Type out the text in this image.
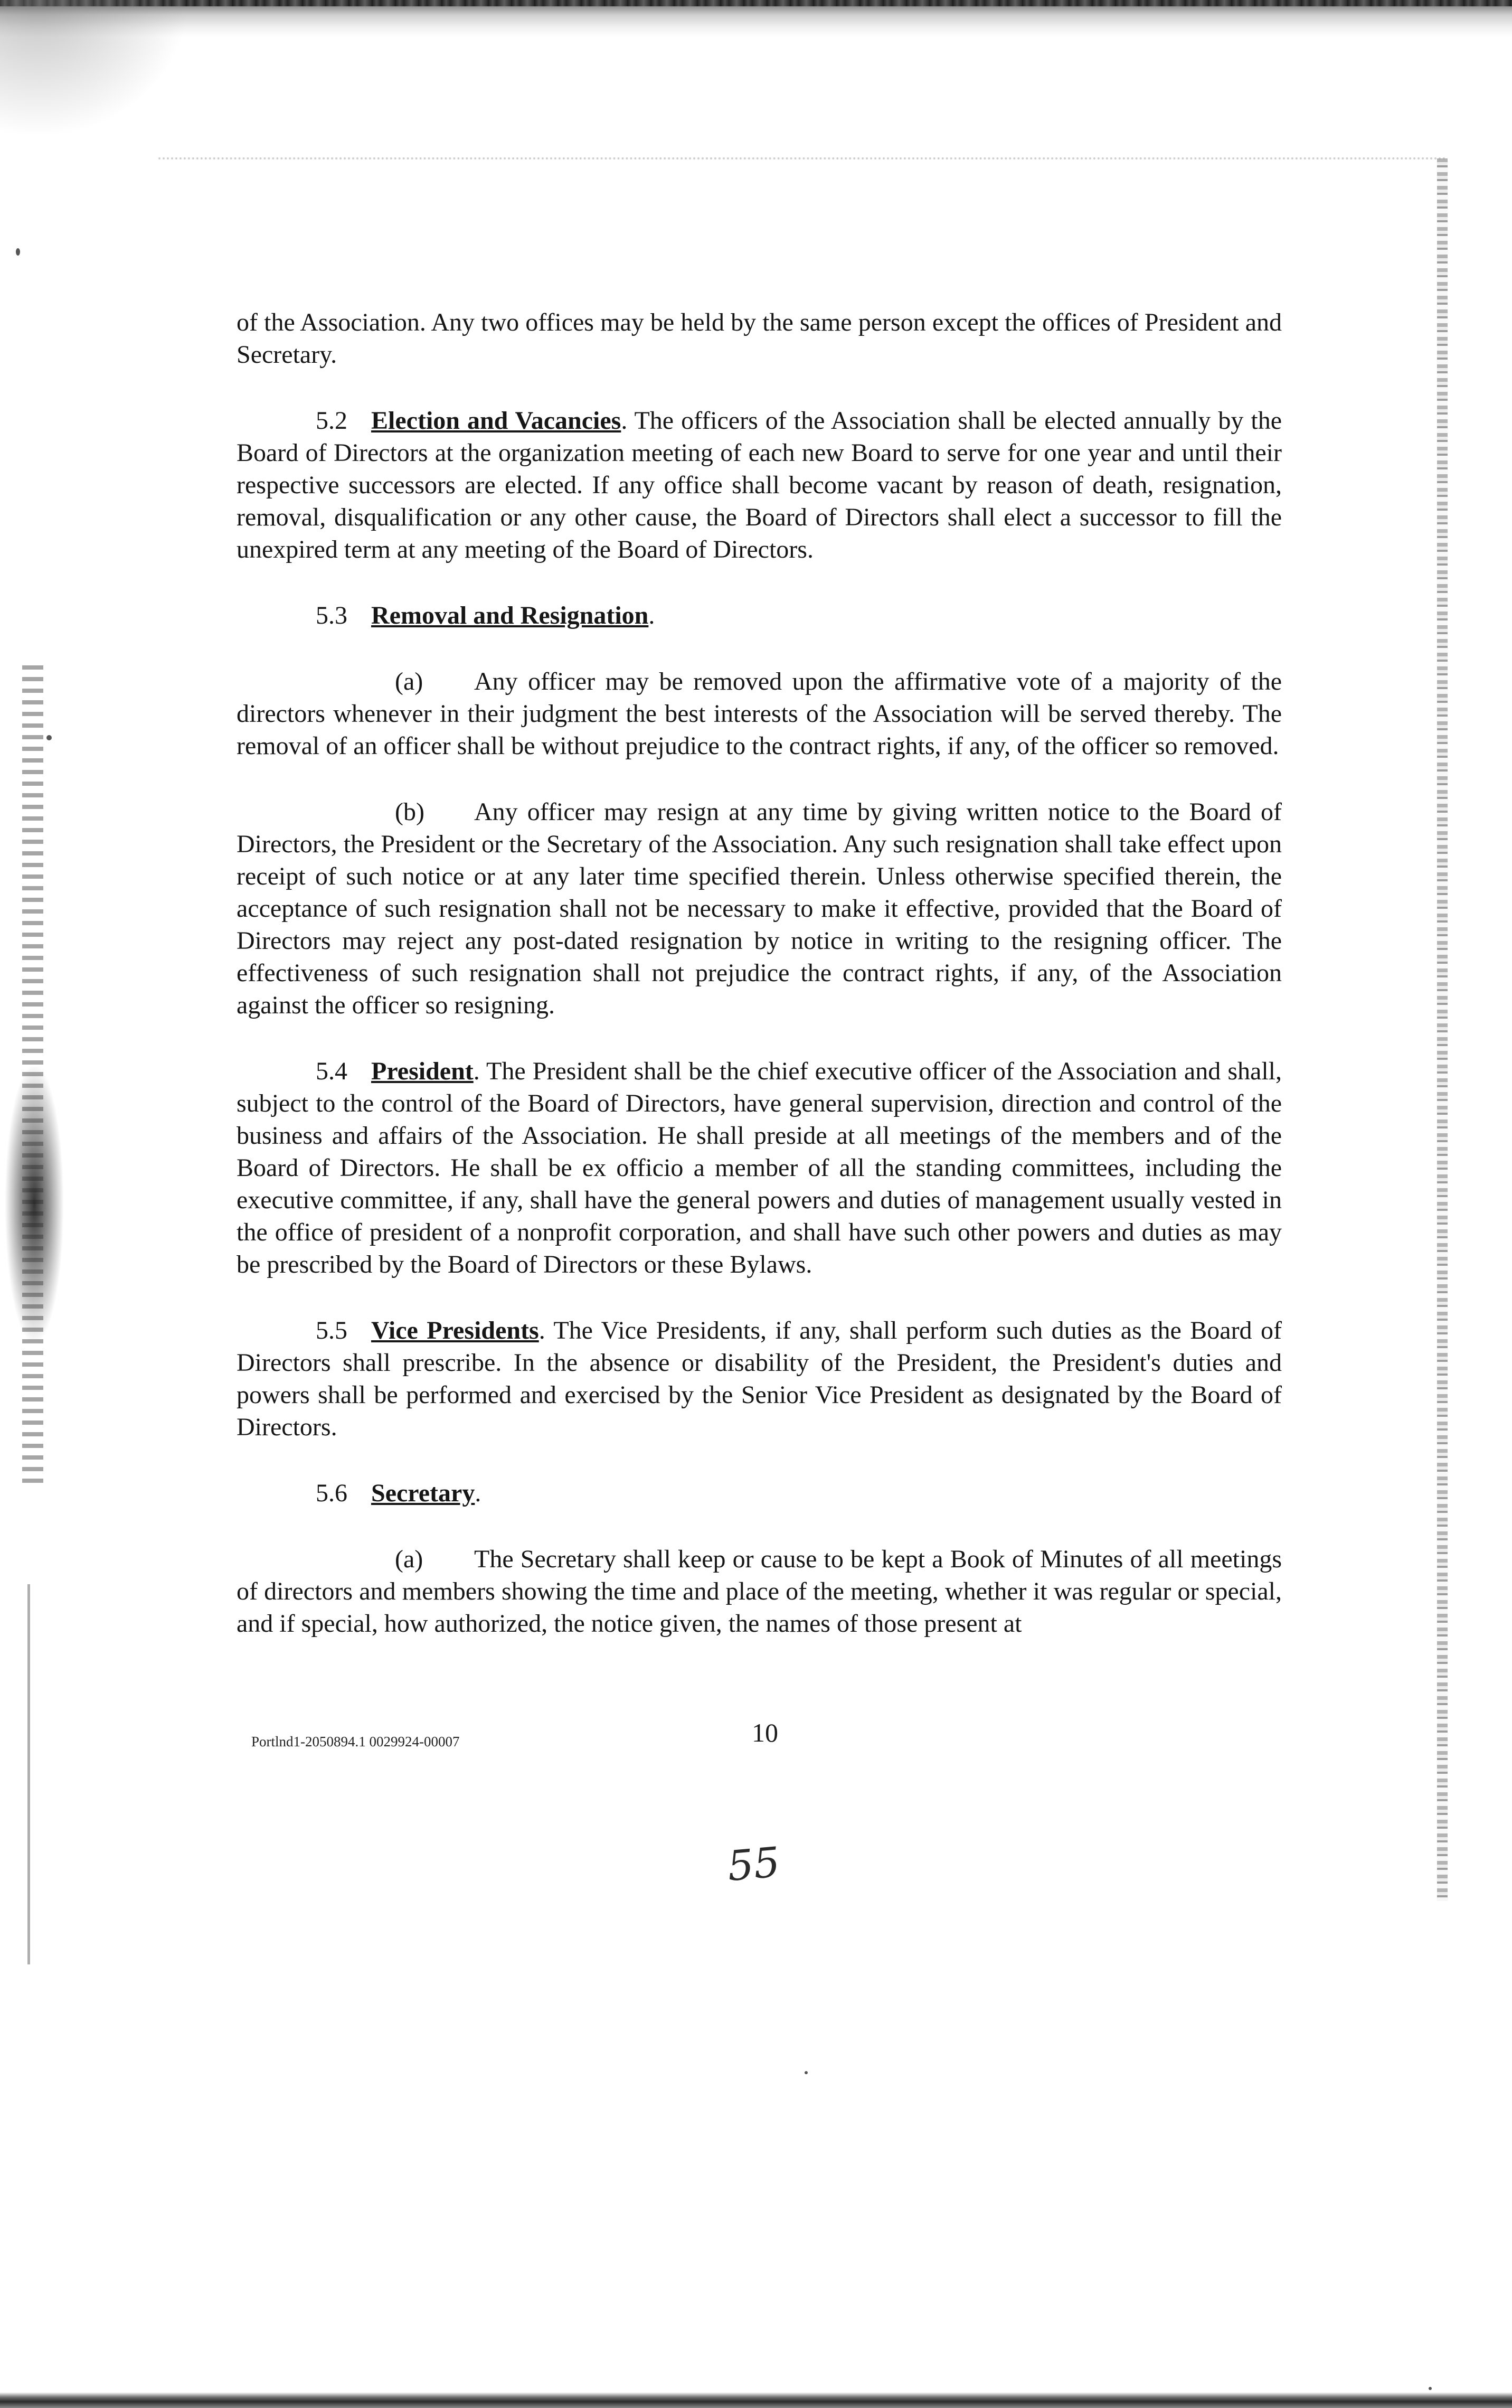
of the Association. Any two offices may be held by the same person except the offices of President and Secretary.

5.2 Election and Vacancies. The officers of the Association shall be elected annually by the Board of Directors at the organization meeting of each new Board to serve for one year and until their respective successors are elected. If any office shall become vacant by reason of death, resignation, removal, disqualification or any other cause, the Board of Directors shall elect a successor to fill the unexpired term at any meeting of the Board of Directors.

5.3 Removal and Resignation.

(a) Any officer may be removed upon the affirmative vote of a majority of the directors whenever in their judgment the best interests of the Association will be served thereby. The removal of an officer shall be without prejudice to the contract rights, if any, of the officer so removed.

(b) Any officer may resign at any time by giving written notice to the Board of Directors, the President or the Secretary of the Association. Any such resignation shall take effect upon receipt of such notice or at any later time specified therein. Unless otherwise specified therein, the acceptance of such resignation shall not be necessary to make it effective, provided that the Board of Directors may reject any post-dated resignation by notice in writing to the resigning officer. The effectiveness of such resignation shall not prejudice the contract rights, if any, of the Association against the officer so resigning.

5.4 President. The President shall be the chief executive officer of the Association and shall, subject to the control of the Board of Directors, have general supervision, direction and control of the business and affairs of the Association. He shall preside at all meetings of the members and of the Board of Directors. He shall be ex officio a member of all the standing committees, including the executive committee, if any, shall have the general powers and duties of management usually vested in the office of president of a nonprofit corporation, and shall have such other powers and duties as may be prescribed by the Board of Directors or these Bylaws.

5.5 Vice Presidents. The Vice Presidents, if any, shall perform such duties as the Board of Directors shall prescribe. In the absence or disability of the President, the President's duties and powers shall be performed and exercised by the Senior Vice President as designated by the Board of Directors.

5.6 Secretary.

(a) The Secretary shall keep or cause to be kept a Book of Minutes of all meetings of directors and members showing the time and place of the meeting, whether it was regular or special, and if special, how authorized, the notice given, the names of those present at

Portlnd1-2050894.1 0029924-00007	10
55
